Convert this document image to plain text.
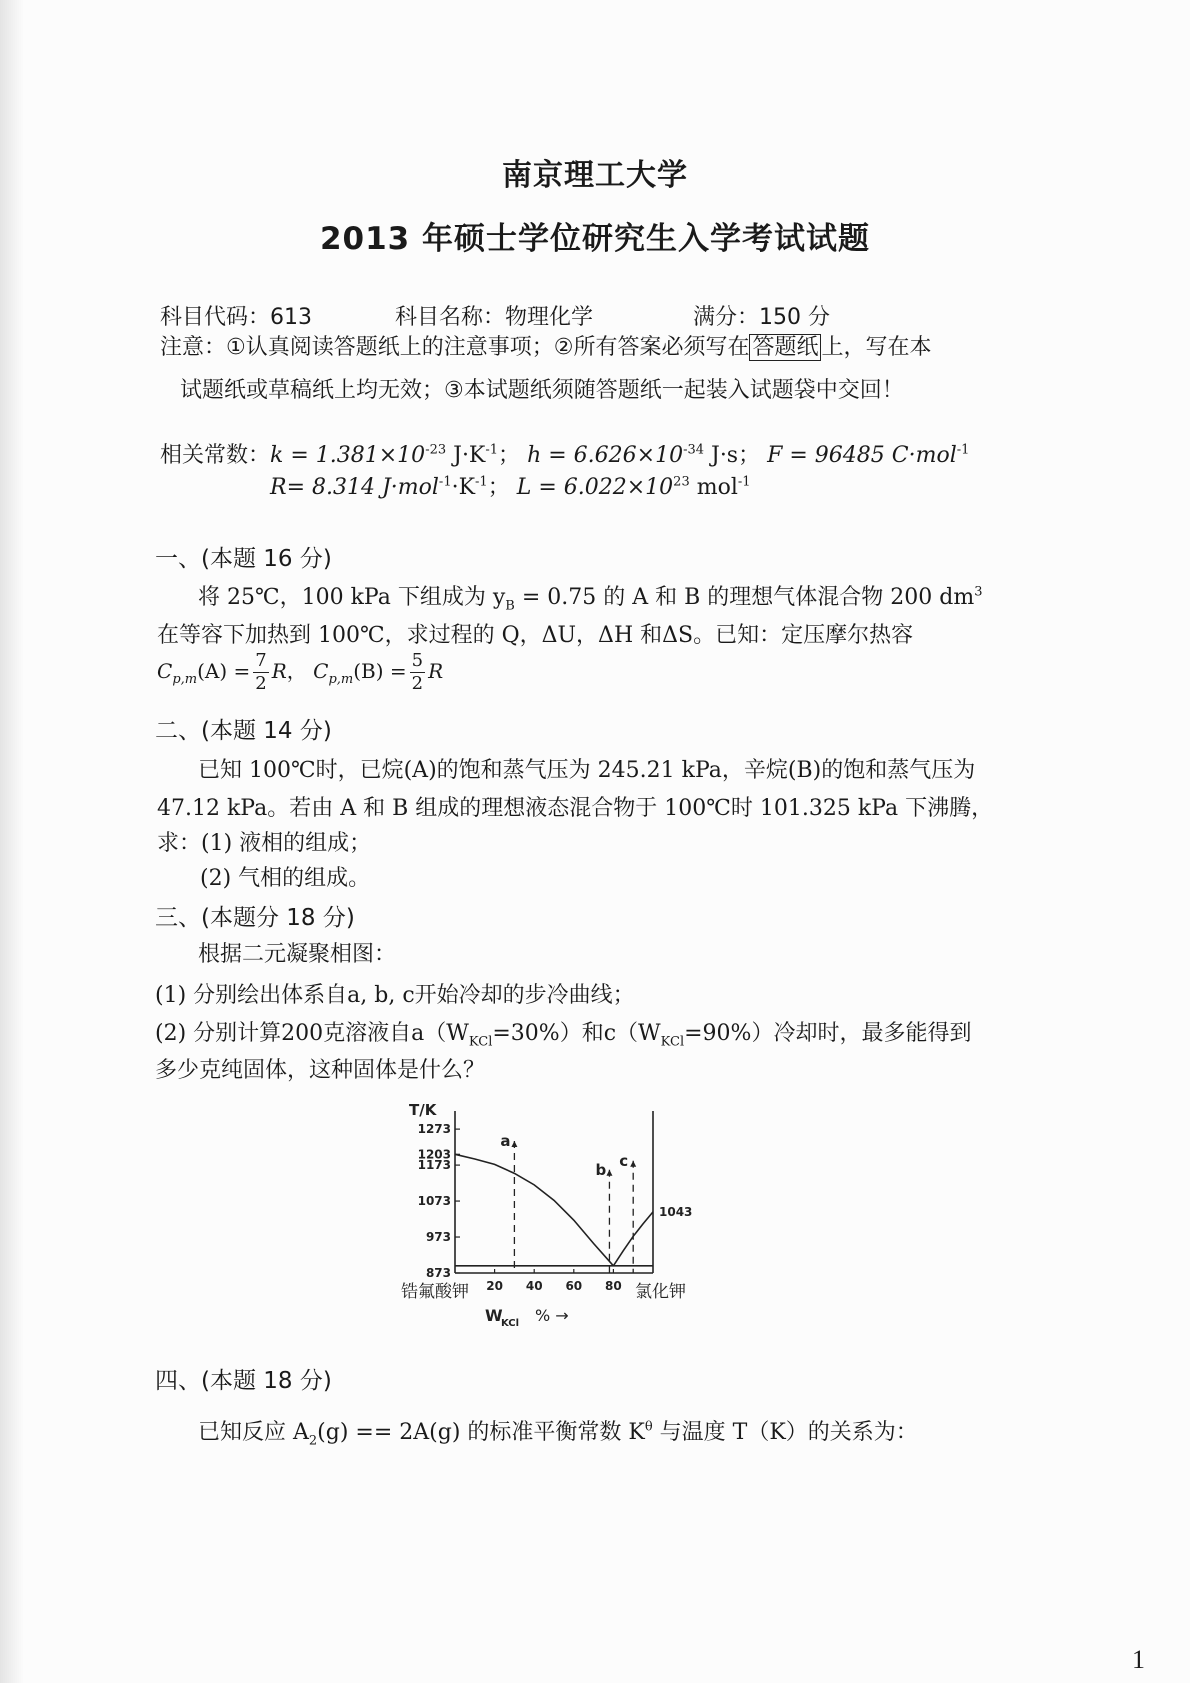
南京理工大学
2013 年硕士学位研究生入学考试试题
科目代码：613	科目名称：物理化学	满分：150 分
注意：①认真阅读答题纸上的注意事项；②所有答案必须写在 答题纸 上，写在本
试题纸或草稿纸上均无效；③本试题纸须随答题纸一起装入试题袋中交回！
相关常数：$k = 1.381\times 10^{-23}$ $J\cdot K^{-1}$； $h = 6.626\times 10^{-34}$ J·s； F = 96485 C·mol$^{-1}$
R= 8.314 $J\cdot mol^{-1}\cdot K^{-1}$； $L = 6.022\times 10^{23}$ mol$^{-1}$
一、(本题 16 分)
将 25℃，100 kPa 下组成为 $y_B = 0.75$ 的 A 和 B 的理想气体混合物 200 $dm^3$
在等容下加热到 100℃，求过程的 Q，ΔU，ΔH 和ΔS。已知：定压摩尔热容
$C_{p,m}(A) = \frac{7}{2}$ R， $C_{p,m}(B) = \frac{5}{2}$ R
二、(本题 14 分)
已知 100℃时，已烷(A)的饱和蒸气压为 245.21 kPa，辛烷(B)的饱和蒸气压为
47.12 kPa。若由 A 和 B 组成的理想液态混合物于 100℃时 101.325 kPa 下沸腾，
求：(1) 液相的组成；
(2) 气相的组成。
三、(本题分 18 分)
根据二元凝聚相图：
(1) 分别绘出体系自a, b, c开始冷却的步冷曲线；
(2) 分别计算200克溶液自$a(W_{KCl}=30\%)$和$c(W_{KCl}=90\%)$冷却时，最多能得到
多少克纯固体，这种固体是什么？
T/K
1273
1203
1173
1073
973
873
20 40 60 80
锆氟酸钾	氯化钾
W
KCl % →
a
b c
1043
四、(本题 18 分)
已知反应 $A_2(g) == 2A(g)$ 的标准平衡常数 $K^\theta$ 与温度 T（K）的关系为：
1
